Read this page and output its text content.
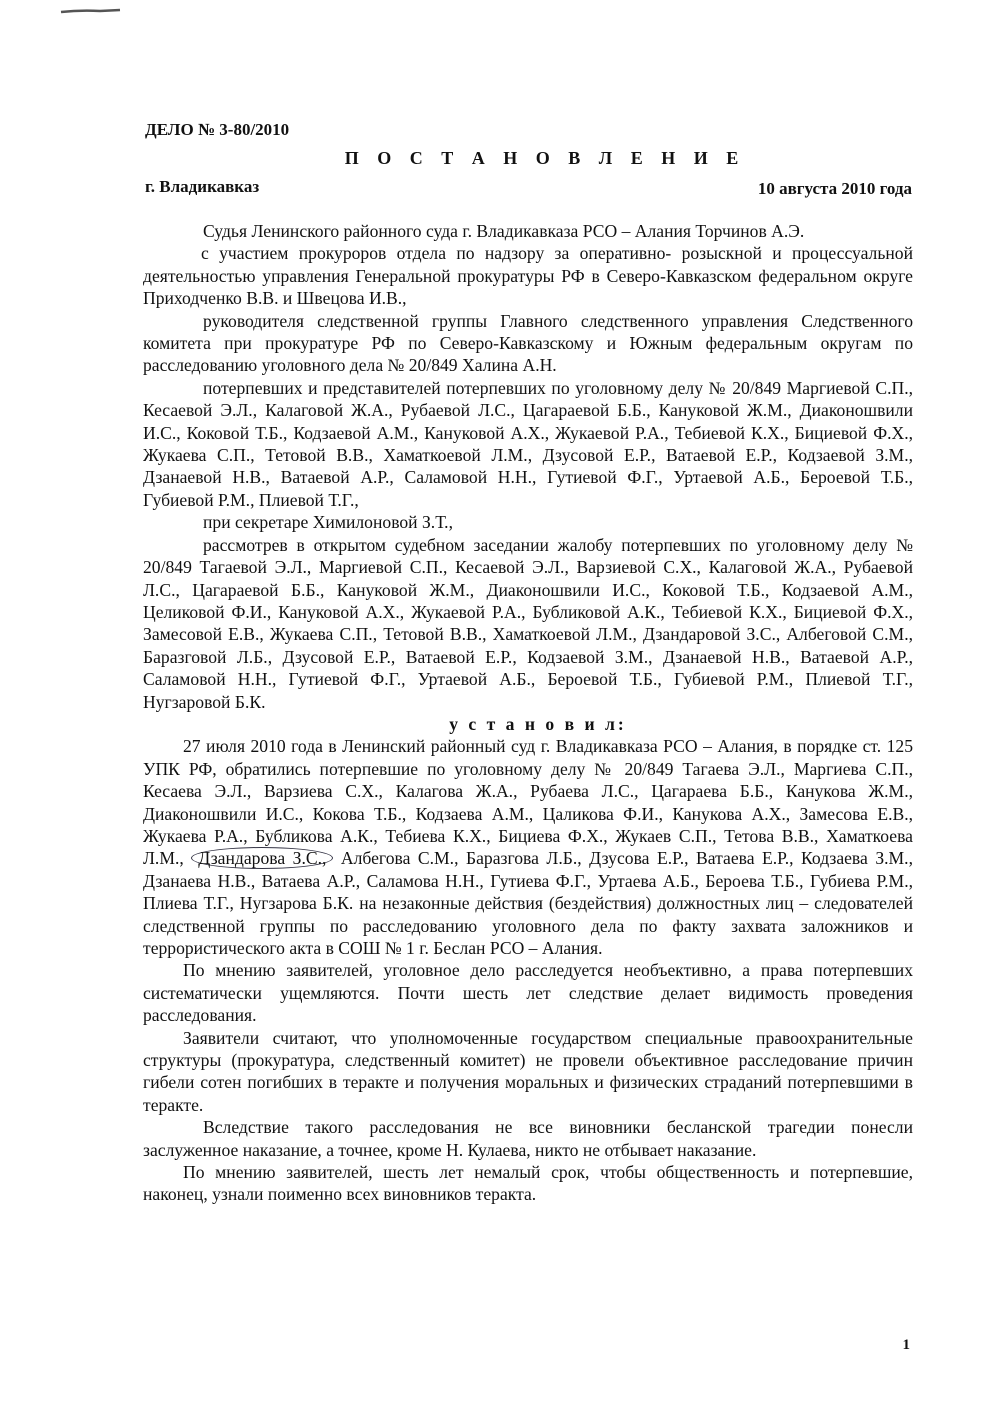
ДЕЛО № 3-80/2010
П О С Т А Н О В Л Е Н И Е
г. Владикавказ	10 августа 2010 года

Судья Ленинского районного суда г. Владикавказа РСО – Алания Торчинов А.Э.

с участием прокуроров отдела по надзору за оперативно- розыскной и процессуальной деятельностью управления Генеральной прокуратуры РФ в Северо-Кавказском федеральном округе Приходченко В.В. и Швецова И.В.,

руководителя следственной группы Главного следственного управления Следственного комитета при прокуратуре РФ по Северо-Кавказскому и Южным федеральным округам по расследованию уголовного дела № 20/849 Халина А.Н.

потерпевших и представителей потерпевших по уголовному делу № 20/849 Маргиевой С.П., Кесаевой Э.Л., Калаговой Ж.А., Рубаевой Л.С., Цагараевой Б.Б., Кануковой Ж.М., Диаконошвили И.С., Коковой Т.Б., Кодзаевой А.М., Кануковой А.Х., Жукаевой Р.А., Тебиевой К.Х., Бициевой Ф.Х., Жукаева С.П., Тетовой В.В., Хаматкоевой Л.М., Дзусовой Е.Р., Ватаевой Е.Р., Кодзаевой З.М., Дзанаевой Н.В., Ватаевой А.Р., Саламовой Н.Н., Гутиевой Ф.Г., Уртаевой А.Б., Бероевой Т.Б., Губиевой Р.М., Плиевой Т.Г.,

при секретаре Химилоновой З.Т.,

рассмотрев в открытом судебном заседании жалобу потерпевших по уголовному делу № 20/849 Тагаевой Э.Л., Маргиевой С.П., Кесаевой Э.Л., Варзиевой С.Х., Калаговой Ж.А., Рубаевой Л.С., Цагараевой Б.Б., Кануковой Ж.М., Диаконошвили И.С., Коковой Т.Б., Кодзаевой А.М., Целиковой Ф.И., Кануковой А.Х., Жукаевой Р.А., Бубликовой А.К., Тебиевой К.Х., Бициевой Ф.Х., Замесовой Е.В., Жукаева С.П., Тетовой В.В., Хаматкоевой Л.М., Дзандаровой З.С., Албеговой С.М., Баразговой Л.Б., Дзусовой Е.Р., Ватаевой Е.Р., Кодзаевой З.М., Дзанаевой Н.В., Ватаевой А.Р., Саламовой Н.Н., Гутиевой Ф.Г., Уртаевой А.Б., Бероевой Т.Б., Губиевой Р.М., Плиевой Т.Г., Нугзаровой Б.К.

у с т а н о в и л:

27 июля 2010 года в Ленинский районный суд г. Владикавказа РСО – Алания, в порядке ст. 125 УПК РФ, обратились потерпевшие по уголовному делу № 20/849 Тагаева Э.Л., Маргиева С.П., Кесаева Э.Л., Варзиева С.Х., Калагова Ж.А., Рубаева Л.С., Цагараева Б.Б., Канукова Ж.М., Диаконошвили И.С., Кокова Т.Б., Кодзаева А.М., Цаликова Ф.И., Канукова А.Х., Замесова Е.В., Жукаева Р.А., Бубликова А.К., Тебиева К.Х., Бициева Ф.Х., Жукаев С.П., Тетова В.В., Хаматкоева Л.М., Дзандарова З.С., Албегова С.М., Баразгова Л.Б., Дзусова Е.Р., Ватаева Е.Р., Кодзаева З.М., Дзанаева Н.В., Ватаева А.Р., Саламова Н.Н., Гутиева Ф.Г., Уртаева А.Б., Бероева Т.Б., Губиева Р.М., Плиева Т.Г., Нугзарова Б.К. на незаконные действия (бездействия) должностных лиц – следователей следственной группы по расследованию уголовного дела по факту захвата заложников и террористического акта в СОШ № 1 г. Беслан РСО – Алания.

По мнению заявителей, уголовное дело расследуется необъективно, а права потерпевших систематически ущемляются. Почти шесть лет следствие делает видимость проведения расследования.

Заявители считают, что уполномоченные государством специальные правоохранительные структуры (прокуратура, следственный комитет) не провели объективное расследование причин гибели сотен погибших в теракте и получения моральных и физических страданий потерпевшими в теракте.

Вследствие такого расследования не все виновники бесланской трагедии понесли заслуженное наказание, а точнее, кроме Н. Кулаева, никто не отбывает наказание.

По мнению заявителей, шесть лет немалый срок, чтобы общественность и потерпевшие, наконец, узнали поименно всех виновников теракта.

1
